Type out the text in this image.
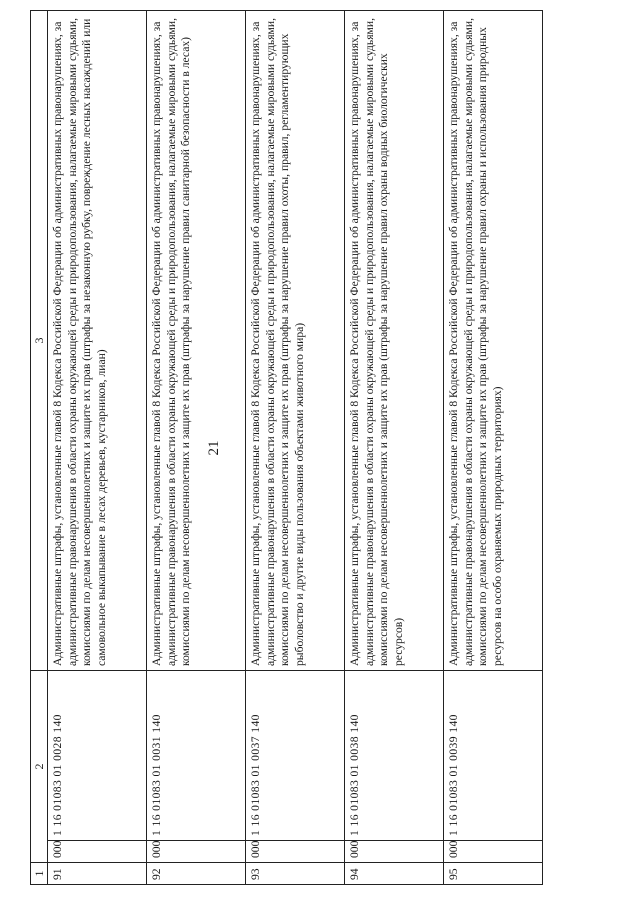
21
1	2		3
91	000	1 16 01083 01 0028 140	Административные штрафы, установленные главой 8 Кодекса Российской Федерации об административных правонарушениях, за административные правонарушения в области охраны окружающей среды и природопользования, налагаемые мировыми судьями, комиссиями по делам несовершеннолетних и защите их прав (штрафы за незаконную рубку, повреждение лесных насаждений или самовольное выкапывание в лесах деревьев, кустарников, лиан)
92	000	1 16 01083 01 0031 140	Административные штрафы, установленные главой 8 Кодекса Российской Федерации об административных правонарушениях, за административные правонарушения в области охраны окружающей среды и природопользования, налагаемые мировыми судьями, комиссиями по делам несовершеннолетних и защите их прав (штрафы за нарушение правил санитарной безопасности в лесах)
93	000	1 16 01083 01 0037 140	Административные штрафы, установленные главой 8 Кодекса Российской Федерации об административных правонарушениях, за административные правонарушения в области охраны окружающей среды и природопользования, налагаемые мировыми судьями, комиссиями по делам несовершеннолетних и защите их прав (штрафы за нарушение правил охоты, правил, регламентирующих рыболовство и другие виды пользования объектами животного мира)
94	000	1 16 01083 01 0038 140	Административные штрафы, установленные главой 8 Кодекса Российской Федерации об административных правонарушениях, за административные правонарушения в области охраны окружающей среды и природопользования, налагаемые мировыми судьями, комиссиями по делам несовершеннолетних и защите их прав (штрафы за нарушение правил охраны водных биологических ресурсов)
95	000	1 16 01083 01 0039 140	Административные штрафы, установленные главой 8 Кодекса Российской Федерации об административных правонарушениях, за административные правонарушения в области охраны окружающей среды и природопользования, налагаемые мировыми судьями, комиссиями по делам несовершеннолетних и защите их прав (штрафы за нарушение правил охраны и использования природных ресурсов на особо охраняемых природных территориях)
